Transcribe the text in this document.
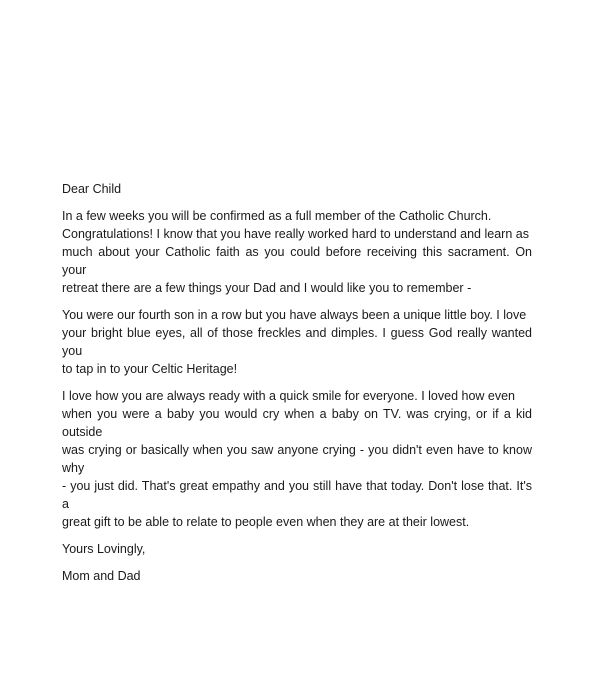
Dear Child

In a few weeks you will be confirmed as a full member of the Catholic Church.
Congratulations! I know that you have really worked hard to understand and learn as
much about your Catholic faith as you could before receiving this sacrament. On your
retreat there are a few things your Dad and I would like you to remember -

You were our fourth son in a row but you have always been a unique little boy. I love
your bright blue eyes, all of those freckles and dimples. I guess God really wanted you
to tap in to your Celtic Heritage!

I love how you are always ready with a quick smile for everyone. I loved how even
when you were a baby you would cry when a baby on TV. was crying, or if a kid outside
was crying or basically when you saw anyone crying - you didn't even have to know why
- you just did. That's great empathy and you still have that today. Don't lose that. It's a
great gift to be able to relate to people even when they are at their lowest.

Yours Lovingly,

Mom and Dad
